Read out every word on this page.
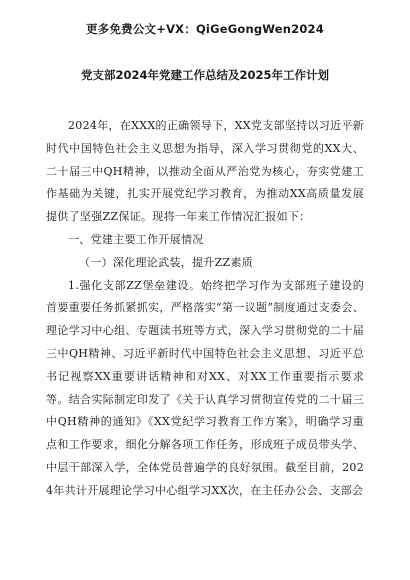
更多免费公文+VX：QiGeGongWen2024
党支部2024年党建工作总结及2025年工作计划

2024年，在XXX的正确领导下，XX党支部坚持以习近平新时代中国特色社会主义思想为指导，深入学习贯彻党的XX大、二十届三中QH精神，以推动全面从严治党为核心，夯实党建工作基础为关键，扎实开展党纪学习教育，为推动XX高质量发展提供了坚强ZZ保证。现将一年来工作情况汇报如下：

一、党建主要工作开展情况

（一）深化理论武装，提升ZZ素质

1.强化支部ZZ堡垒建设。始终把学习作为支部班子建设的首要重要任务抓紧抓实，严格落实“第一议题”制度通过支委会、理论学习中心组、专题读书班等方式，深入学习贯彻党的二十届三中QH精神、习近平新时代中国特色社会主义思想、习近平总书记视察XX重要讲话精神和对XX、对XX工作重要指示要求等。结合实际制定印发了《关于认真学习贯彻宣传党的二十届三中QH精神的通知》《XX党纪学习教育工作方案》，明确学习重点和工作要求，细化分解各项工作任务，形成班子成员带头学、中层干部深入学，全体党员普遍学的良好氛围。截至目前，2024年共计开展理论学习中心组学习XX次，在主任办公会、支部会
